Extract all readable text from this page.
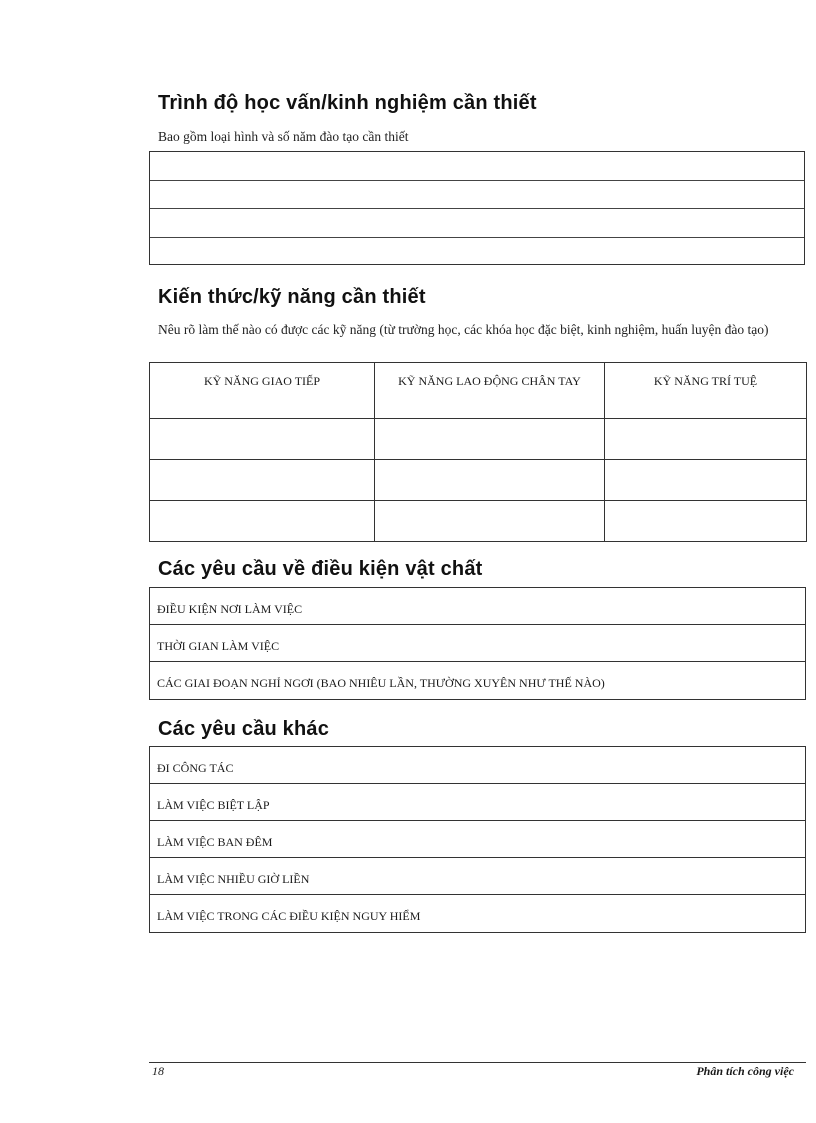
Trình độ học vấn/kinh nghiệm cần thiết

Bao gồm loại hình và số năm đào tạo cần thiết

Kiến thức/kỹ năng cần thiết

Nêu rõ làm thế nào có được các kỹ năng (từ trường học, các khóa học đặc biệt, kinh nghiệm, huấn luyện đào tạo)

KỸ NĂNG GIAO TIẾP	KỸ NĂNG LAO ĐỘNG CHÂN TAY	KỸ NĂNG TRÍ TUỆ

Các yêu cầu về điều kiện vật chất
ĐIỀU KIỆN NƠI LÀM VIỆC
THỜI GIAN LÀM VIỆC
CÁC GIAI ĐOẠN NGHỈ NGƠI (BAO NHIÊU LẦN, THƯỜNG XUYÊN NHƯ THẾ NÀO)
Các yêu cầu khác
ĐI CÔNG TÁC
LÀM VIỆC BIỆT LẬP
LÀM VIỆC BAN ĐÊM
LÀM VIỆC NHIỀU GIỜ LIỀN
LÀM VIỆC TRONG CÁC ĐIỀU KIỆN NGUY HIỂM
18	Phân tích công việc
